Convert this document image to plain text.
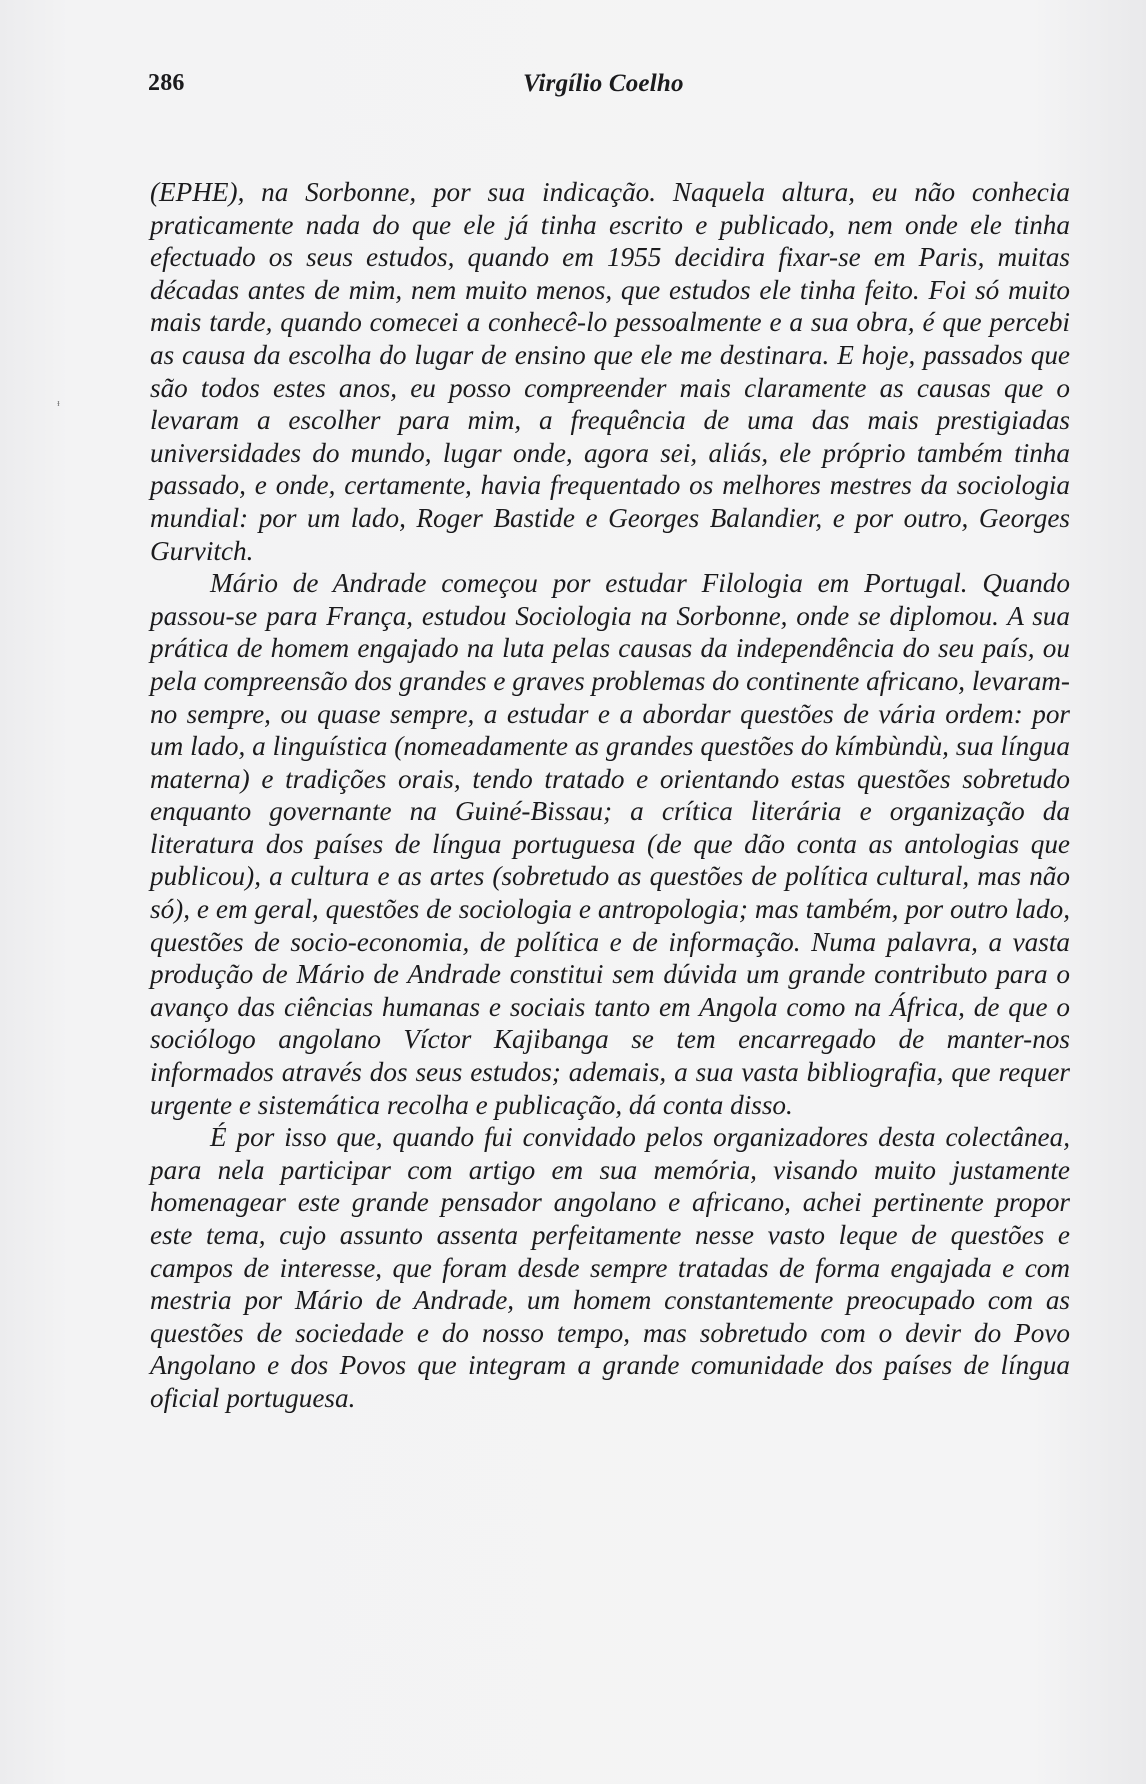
286	Virgílio Coelho
ᵻ

(EPHE), na Sorbonne, por sua indicação. Naquela altura, eu não conhecia praticamente nada do que ele já tinha escrito e publicado, nem onde ele tinha efectuado os seus estudos, quando em 1955 decidira fixar-se em Paris, muitas décadas antes de mim, nem muito menos, que estudos ele tinha feito. Foi só muito mais tarde, quando comecei a conhecê-lo pessoalmente e a sua obra, é que percebi as causa da escolha do lugar de ensino que ele me destinara. E hoje, passados que são todos estes anos, eu posso compreender mais claramente as causas que o levaram a escolher para mim, a frequência de uma das mais prestigiadas universidades do mundo, lugar onde, agora sei, aliás, ele próprio também tinha passado, e onde, certamente, havia frequentado os melhores mestres da sociologia mundial: por um lado, Roger Bastide e Georges Balandier, e por outro, Georges Gurvitch.

Mário de Andrade começou por estudar Filologia em Portugal. Quando passou-se para França, estudou Sociologia na Sorbonne, onde se diplomou. A sua prática de homem engajado na luta pelas causas da independência do seu país, ou pela compreensão dos grandes e graves problemas do continente africano, levaram-no sempre, ou quase sempre, a estudar e a abordar questões de vária ordem: por um lado, a linguística (nomeadamente as grandes questões do kímbùndù, sua língua materna) e tradições orais, tendo tratado e orientando estas questões sobretudo enquanto governante na Guiné-Bissau; a crítica literária e organização da literatura dos países de língua portuguesa (de que dão conta as antologias que publicou), a cultura e as artes (sobretudo as questões de política cultural, mas não só), e em geral, questões de sociologia e antropologia; mas também, por outro lado, questões de socio-economia, de política e de informação. Numa palavra, a vasta produção de Mário de Andrade constitui sem dúvida um grande contributo para o avanço das ciências humanas e sociais tanto em Angola como na África, de que o sociólogo angolano Víctor Kajibanga se tem encarregado de manter-nos informados através dos seus estudos; ademais, a sua vasta bibliografia, que requer urgente e sistemática recolha e publicação, dá conta disso.

É por isso que, quando fui convidado pelos organizadores desta colectânea, para nela participar com artigo em sua memória, visando muito justamente homenagear este grande pensador angolano e africano, achei pertinente propor este tema, cujo assunto assenta perfeitamente nesse vasto leque de questões e campos de interesse, que foram desde sempre tratadas de forma engajada e com mestria por Mário de Andrade, um homem constantemente preocupado com as questões de sociedade e do nosso tempo, mas sobretudo com o devir do Povo Angolano e dos Povos que integram a grande comunidade dos países de língua oficial portuguesa.
